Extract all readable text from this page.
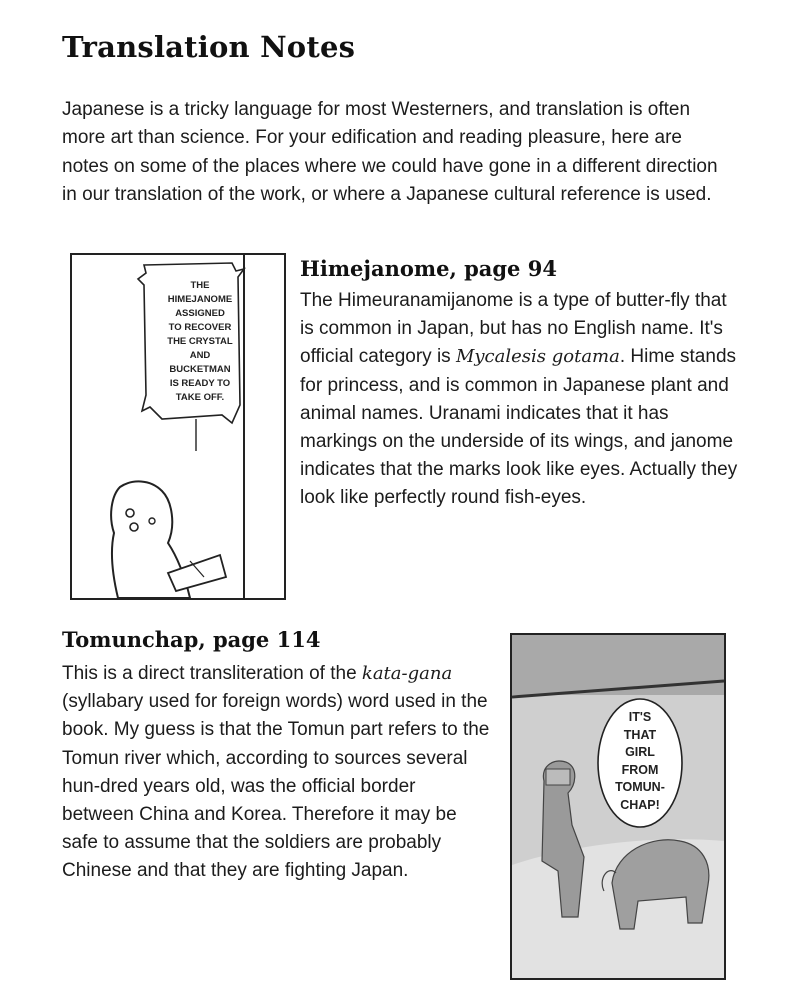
Translation Notes

Japanese is a tricky language for most Westerners, and translation is often more art than science. For your edification and reading pleasure, here are notes on some of the places where we could have gone in a different direction in our translation of the work, or where a Japanese cultural reference is used.

THE
HIMEJANOME
ASSIGNED
TO RECOVER
THE CRYSTAL
AND
BUCKETMAN
IS READY TO
TAKE OFF.

Himejanome, page 94

The Himeuranamijanome is a type of butter-fly that is common in Japan, but has no English name. It's official category is Mycalesis gotama. Hime stands for princess, and is common in Japanese plant and animal names. Uranami indicates that it has markings on the underside of its wings, and janome indicates that the marks look like eyes. Actually they look like perfectly round fish-eyes.

Tomunchap, page 114

This is a direct transliteration of the kata-gana (syllabary used for foreign words) word used in the book. My guess is that the Tomun part refers to the Tomun river which, according to sources several hun-dred years old, was the official border between China and Korea. Therefore it may be safe to assume that the soldiers are probably Chinese and that they are fighting Japan.

IT'S
THAT
GIRL
FROM
TOMUN-
CHAP!
